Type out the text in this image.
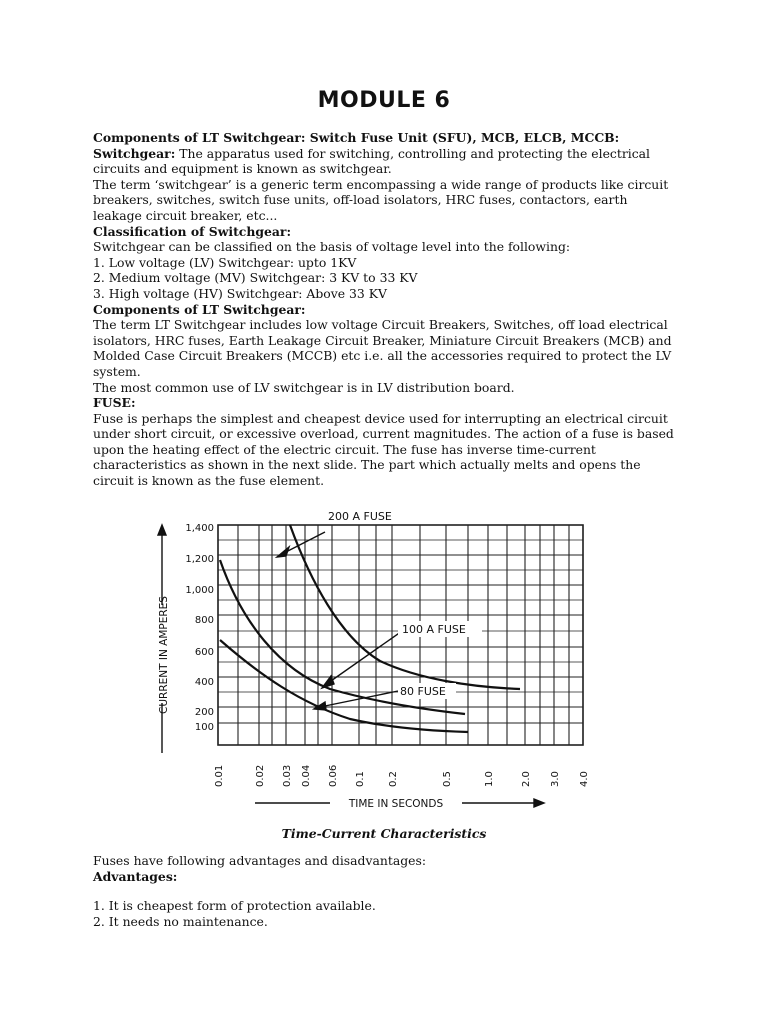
MODULE 6

Components of LT Switchgear: Switch Fuse Unit (SFU), MCB, ELCB, MCCB:

Switchgear: The apparatus used for switching, controlling and protecting the electrical circuits and equipment is known as switchgear.

The term ‘switchgear’ is a generic term encompassing a wide range of products like circuit breakers, switches, switch fuse units, off-load isolators, HRC fuses, contactors, earth leakage circuit breaker, etc...

Classification of Switchgear:

Switchgear can be classified on the basis of voltage level into the following:

1. Low voltage (LV) Switchgear: upto 1KV

2. Medium voltage (MV) Switchgear: 3 KV to 33 KV

3. High voltage (HV) Switchgear: Above 33 KV

Components of LT Switchgear:

The term LT Switchgear includes low voltage Circuit Breakers, Switches, off load electrical isolators, HRC fuses, Earth Leakage Circuit Breaker, Miniature Circuit Breakers (MCB) and Molded Case Circuit Breakers (MCCB) etc i.e. all the accessories required to protect the LV system.

The most common use of LV switchgear is in LV distribution board.

FUSE:

Fuse is perhaps the simplest and cheapest device used for interrupting an electrical circuit under short circuit, or excessive overload, current magnitudes. The action of a fuse is based upon the heating effect of the electric circuit. The fuse has inverse time-current characteristics as shown in the next slide. The part which actually melts and opens the circuit is known as the fuse element.

200 A FUSE
100 A FUSE
80 FUSE
1,400
1,200
1,000
800
600
400
200
100
0.01	0.02 0.03 0.04 0.06 0.1 0.2	0.5	1.0	2.0 3.0 4.0
CURRENT IN AMPERES
TIME IN SECONDS
Time-Current Characteristics

Fuses have following advantages and disadvantages:

Advantages:

1. It is cheapest form of protection available.

2. It needs no maintenance.
